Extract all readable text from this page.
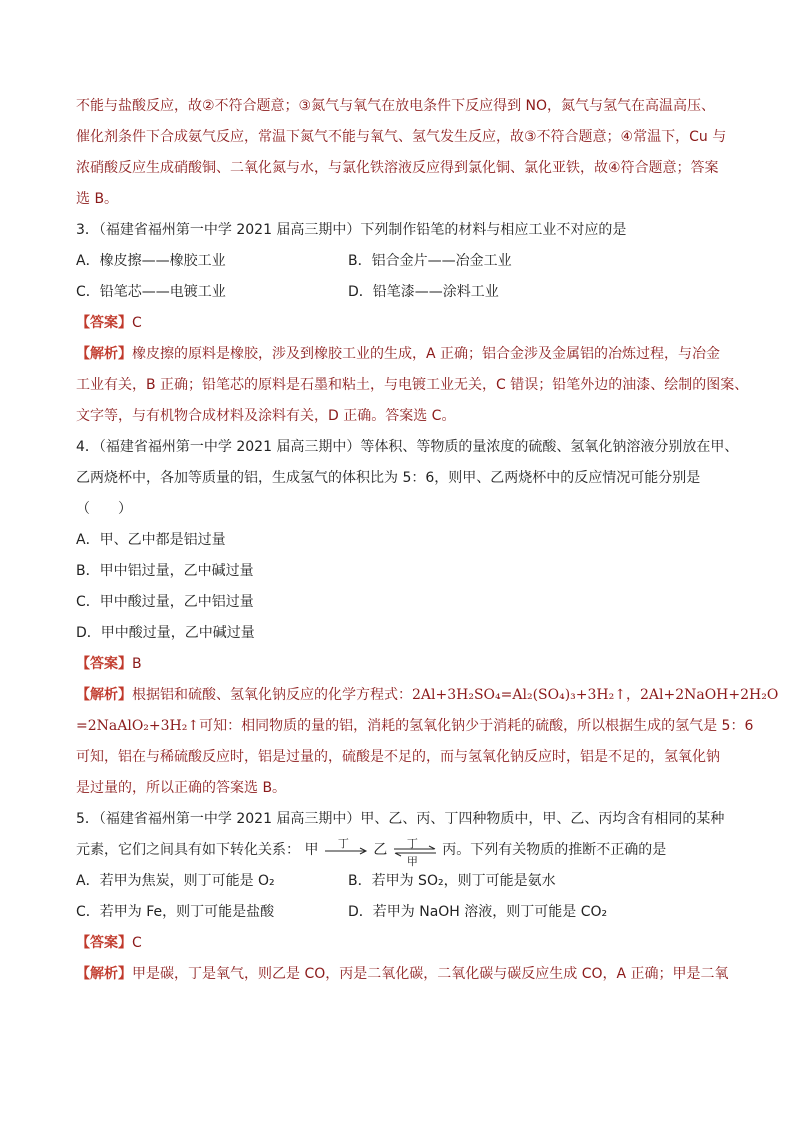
不能与盐酸反应，故②不符合题意；③氮气与氧气在放电条件下反应得到 NO，氮气与氢气在高温高压、
催化剂条件下合成氨气反应，常温下氮气不能与氧气、氢气发生反应，故③不符合题意；④常温下，Cu 与
浓硝酸反应生成硝酸铜、二氧化氮与水，与氯化铁溶液反应得到氯化铜、氯化亚铁，故④符合题意；答案
选 B。
3．（福建省福州第一中学 2021 届高三期中）下列制作铅笔的材料与相应工业不对应的是
A．橡皮擦——橡胶工业	B．铝合金片——冶金工业
C．铅笔芯——电镀工业	D．铅笔漆——涂料工业
【答案】C
【解析】橡皮擦的原料是橡胶，涉及到橡胶工业的生成，A 正确；铝合金涉及金属铝的冶炼过程，与冶金
工业有关，B 正确；铅笔芯的原料是石墨和粘土，与电镀工业无关，C 错误；铅笔外边的油漆、绘制的图案、
文字等，与有机物合成材料及涂料有关，D 正确。答案选 C。
4．（福建省福州第一中学 2021 届高三期中）等体积、等物质的量浓度的硫酸、氢氧化钠溶液分别放在甲、
乙两烧杯中，各加等质量的铝，生成氢气的体积比为 5：6，则甲、乙两烧杯中的反应情况可能分别是
（　　）
A．甲、乙中都是铝过量
B．甲中铝过量，乙中碱过量
C．甲中酸过量，乙中铝过量
D．甲中酸过量，乙中碱过量
【答案】B
【解析】根据铝和硫酸、氢氧化钠反应的化学方程式：2Al+3H₂SO₄=Al₂(SO₄)₃+3H₂↑，2Al+2NaOH+2H₂O
=2NaAlO₂+3H₂↑可知：相同物质的量的铝，消耗的氢氧化钠少于消耗的硫酸，所以根据生成的氢气是 5：6
可知，铝在与稀硫酸反应时，铝是过量的，硫酸是不足的，而与氢氧化钠反应时，铝是不足的，氢氧化钠
是过量的，所以正确的答案选 B。
5．（福建省福州第一中学 2021 届高三期中）甲、乙、丙、丁四种物质中，甲、乙、丙均含有相同的某种
元素，它们之间具有如下转化关系： 甲 丁 乙 丁
甲
丙。下列有关物质的推断不正确的是
A．若甲为焦炭，则丁可能是 O₂	B．若甲为 SO₂，则丁可能是氨水
C．若甲为 Fe，则丁可能是盐酸	D．若甲为 NaOH 溶液，则丁可能是 CO₂
【答案】C
【解析】甲是碳，丁是氧气，则乙是 CO，丙是二氧化碳，二氧化碳与碳反应生成 CO，A 正确；甲是二氧
